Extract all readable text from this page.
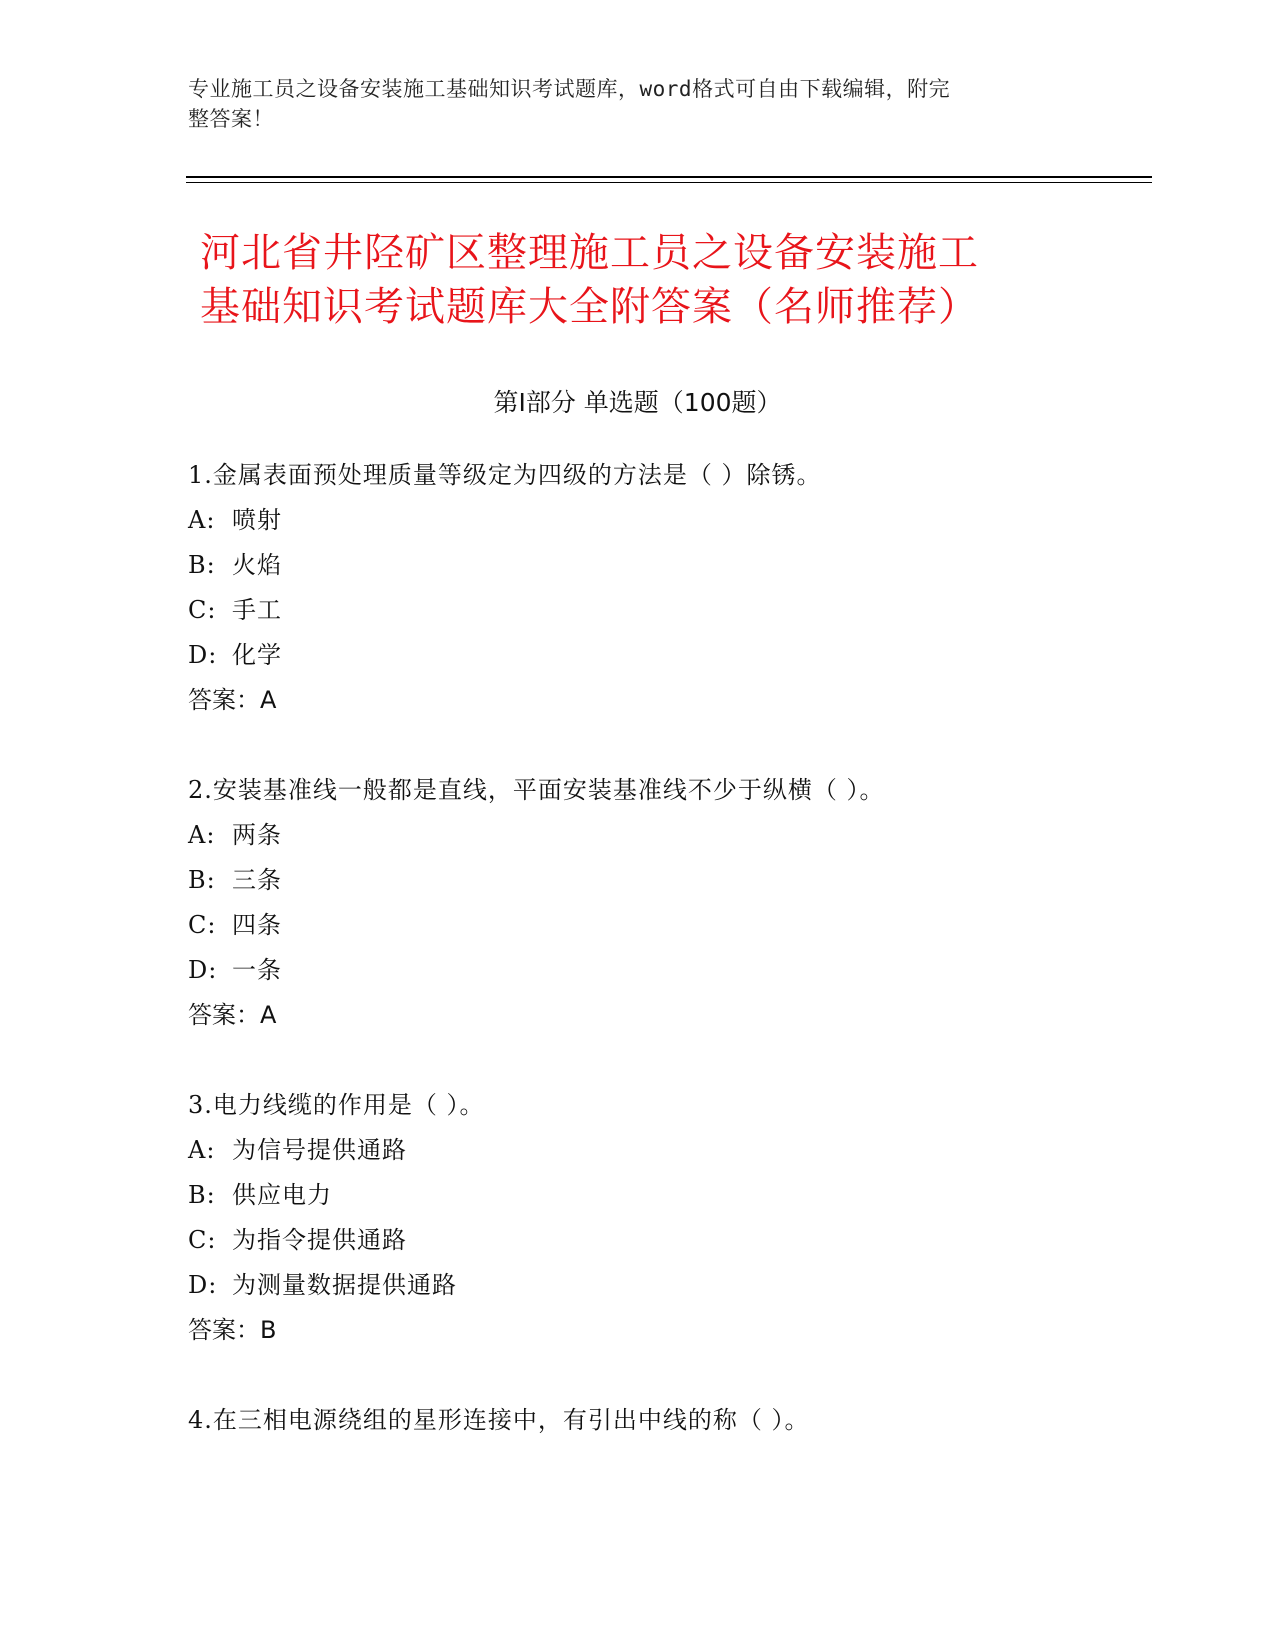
专业施工员之设备安装施工基础知识考试题库，word格式可自由下载编辑，附完
整答案！
河北省井陉矿区整理施工员之设备安装施工
基础知识考试题库大全附答案（名师推荐）
第Ⅰ部分 单选题（100题）
1.金属表面预处理质量等级定为四级的方法是（ ）除锈。
A: 喷射
B: 火焰
C: 手工
D: 化学
答案：A
2.安装基准线一般都是直线，平面安装基准线不少于纵横（ ）。
A: 两条
B: 三条
C: 四条
D: 一条
答案：A
3.电力线缆的作用是（ ）。
A: 为信号提供通路
B: 供应电力
C: 为指令提供通路
D: 为测量数据提供通路
答案：B
4.在三相电源绕组的星形连接中，有引出中线的称（ ）。
